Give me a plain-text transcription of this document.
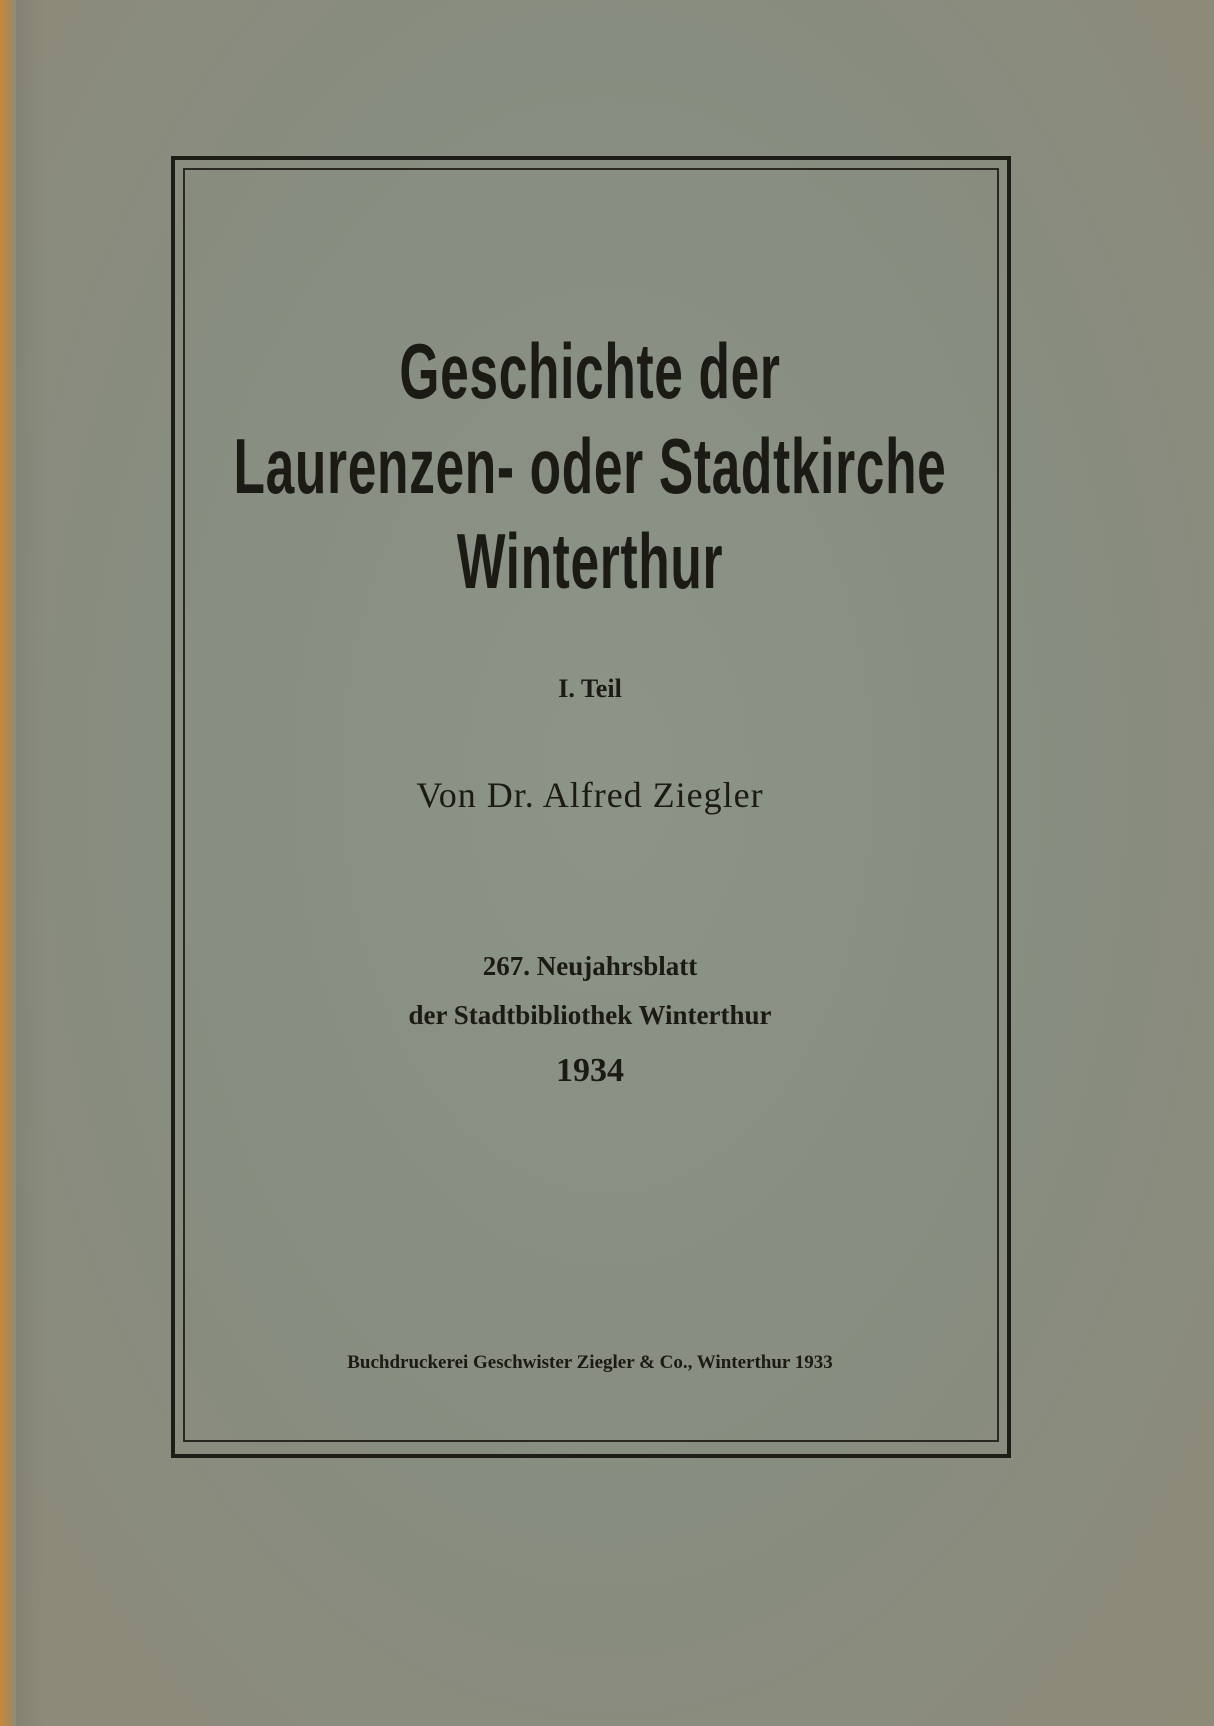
Geschichte der
Laurenzen- oder Stadtkirche
Winterthur
I. Teil
Von Dr. Alfred Ziegler
267. Neujahrsblatt
der Stadtbibliothek Winterthur
1934
Buchdruckerei Geschwister Ziegler & Co., Winterthur 1933
